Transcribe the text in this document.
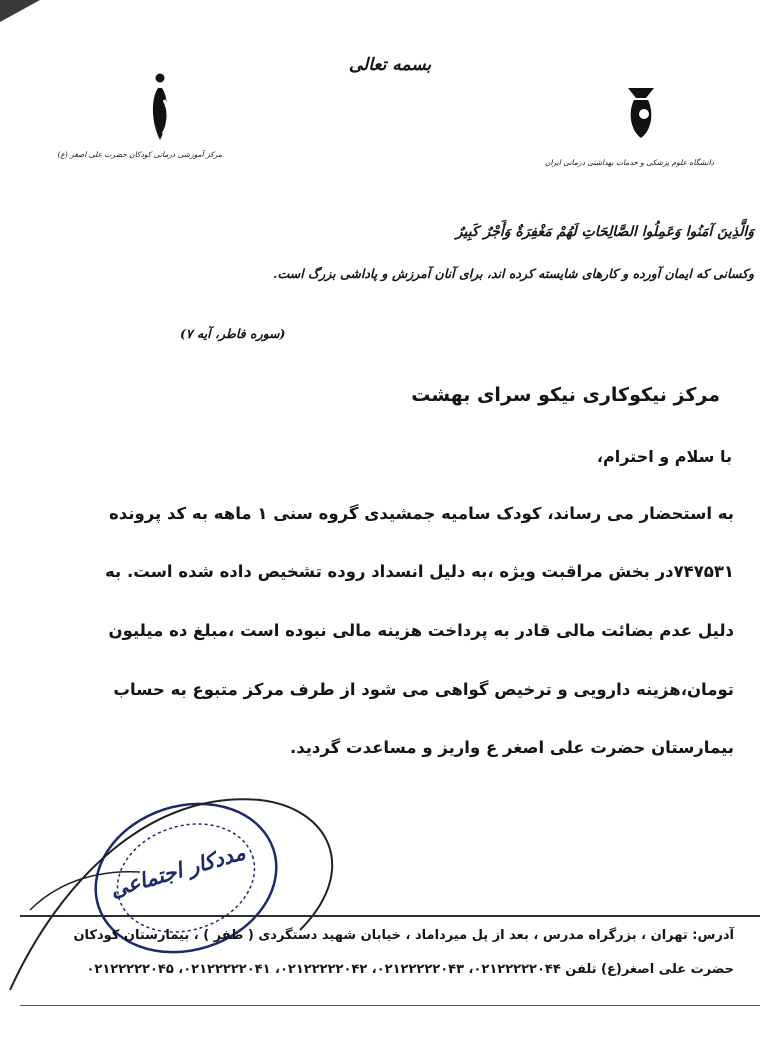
بسمه تعالی
مرکز آموزشی درمانی کودکان حضرت علی اصغر (ع)
دانشگاه علوم پزشکی و خدمات بهداشتی درمانی ایران
وَالَّذِینَ آمَنُوا وَعَمِلُوا الصَّالِحَاتِ لَهُمْ مَغْفِرَةٌ وَأَجْرٌ کَبِیرٌ
وکسانی که ایمان آورده و کارهای شایسته کرده اند، برای آنان آمرزش و پاداشی بزرگ است.
(سوره فاطر، آیه ۷)
مرکز نیکوکاری نیکو سرای بهشت
با سلام و احترام،
به استحضار می رساند، کودک سامیه جمشیدی گروه سنی ۱ ماهه به کد پرونده
۷۴۷۵۳۱در بخش مراقبت ویژه ،به دلیل انسداد روده تشخیص داده شده است. به
دلیل عدم بضائت مالی قادر به پرداخت هزینه مالی نبوده است ،مبلغ ده میلیون
تومان،هزینه دارویی و ترخیص گواهی می شود از طرف مرکز متبوع به حساب
بیمارستان حضرت علی اصغر ع واریز و مساعدت گردید.
مددکار اجتماعی
آدرس: تهران ، بزرگراه مدرس ، بعد از پل میرداماد ، خیابان شهید دستگردی ( ظفر ) ، بیمارستان کودکان
حضرت علی اصغر(ع) تلفن ۰۲۱۲۲۲۲۲۰۴۴، ۰۲۱۲۲۲۲۲۰۴۳، ۰۲۱۲۲۲۲۲۰۴۲، ۰۲۱۲۲۲۲۲۰۴۱، ۰۲۱۲۲۲۲۲۰۴۵
